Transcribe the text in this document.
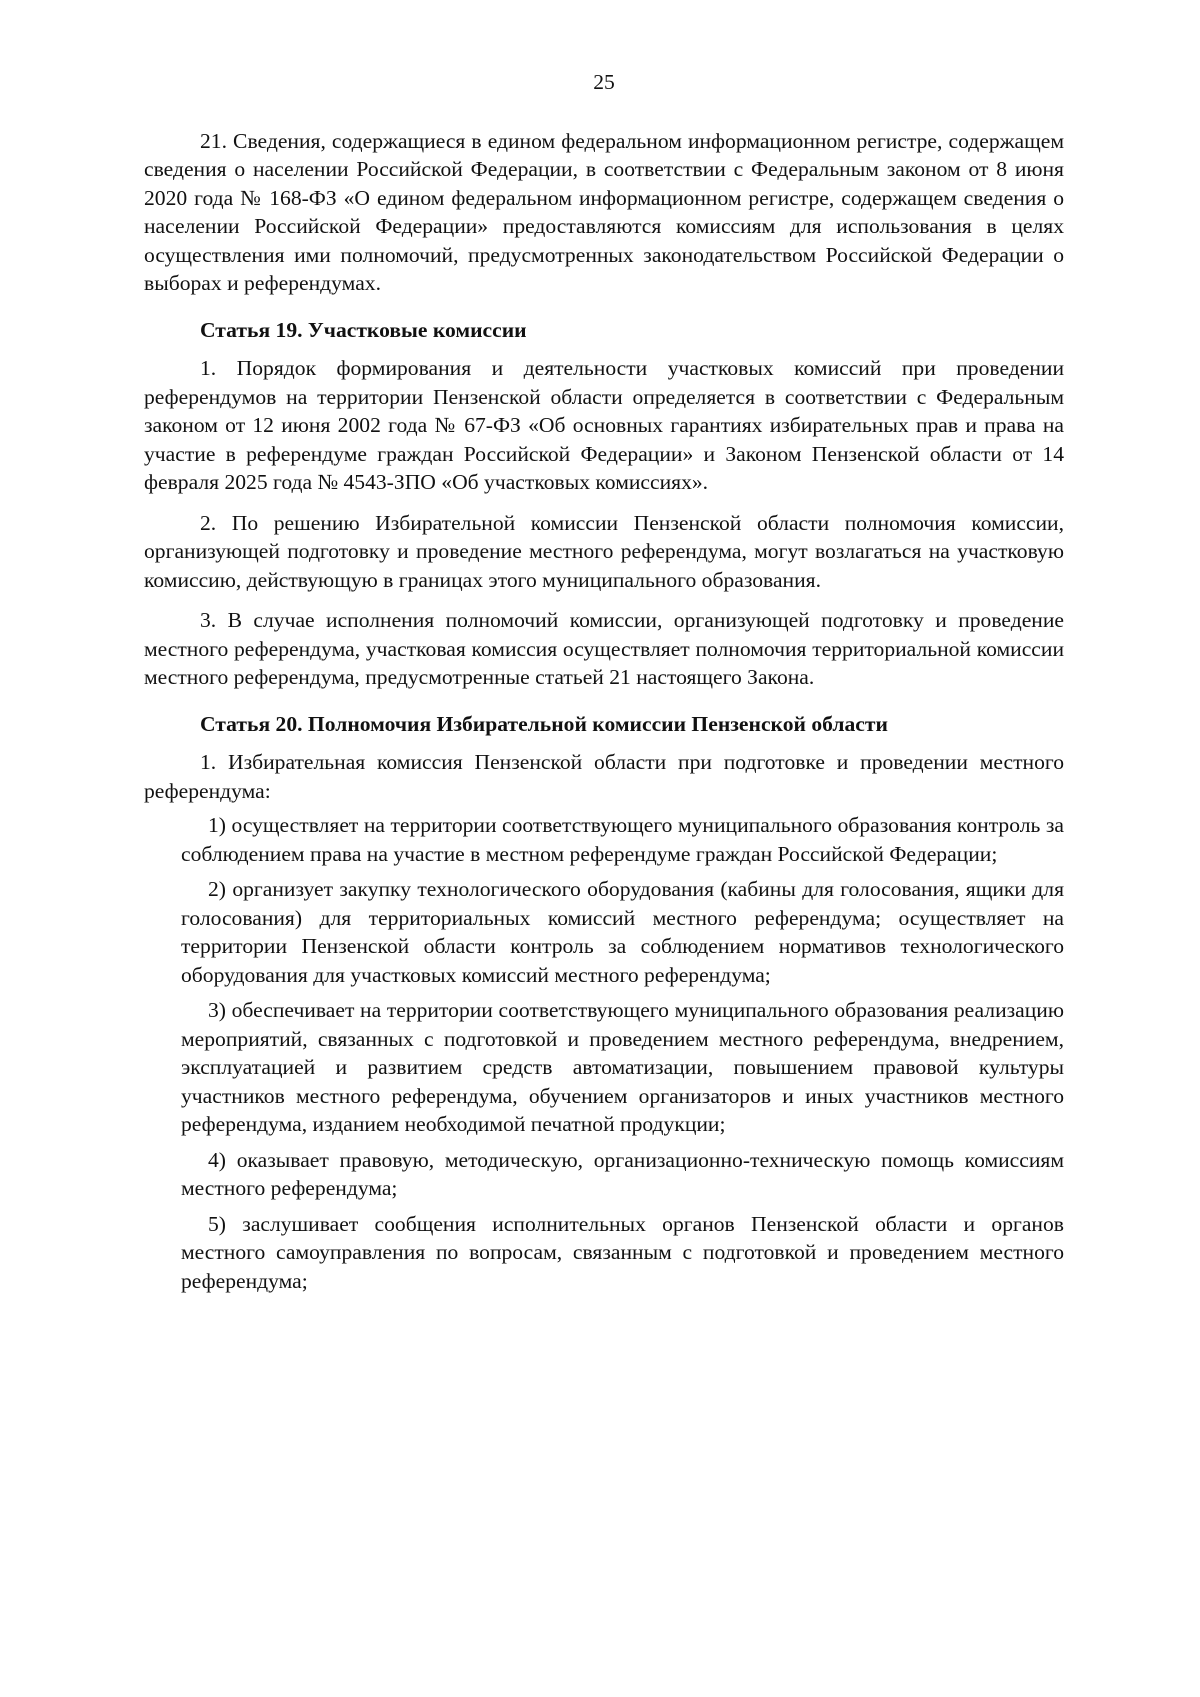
25

21. Сведения, содержащиеся в едином федеральном информационном регистре, содержащем сведения о населении Российской Федерации, в соответствии с Федеральным законом от 8 июня 2020 года № 168-ФЗ «О едином федеральном информационном регистре, содержащем сведения о населении Российской Федерации» предоставляются комиссиям для использования в целях осуществления ими полномочий, предусмотренных законодательством Российской Федерации о выборах и референдумах.

Статья 19. Участковые комиссии

1. Порядок формирования и деятельности участковых комиссий при проведении референдумов на территории Пензенской области определяется в соответствии с Федеральным законом от 12 июня 2002 года № 67-ФЗ «Об основных гарантиях избирательных прав и права на участие в референдуме граждан Российской Федерации» и Законом Пензенской области от 14 февраля 2025 года № 4543-ЗПО «Об участковых комиссиях».

2. По решению Избирательной комиссии Пензенской области полномочия комиссии, организующей подготовку и проведение местного референдума, могут возлагаться на участковую комиссию, действующую в границах этого муниципального образования.

3. В случае исполнения полномочий комиссии, организующей подготовку и проведение местного референдума, участковая комиссия осуществляет полномочия территориальной комиссии местного референдума, предусмотренные статьей 21 настоящего Закона.

Статья 20. Полномочия Избирательной комиссии Пензенской области

1. Избирательная комиссия Пензенской области при подготовке и проведении местного референдума:

1) осуществляет на территории соответствующего муниципального образования контроль за соблюдением права на участие в местном референдуме граждан Российской Федерации;

2) организует закупку технологического оборудования (кабины для голосования, ящики для голосования) для территориальных комиссий местного референдума; осуществляет на территории Пензенской области контроль за соблюдением нормативов технологического оборудования для участковых комиссий местного референдума;

3) обеспечивает на территории соответствующего муниципального образования реализацию мероприятий, связанных с подготовкой и проведением местного референдума, внедрением, эксплуатацией и развитием средств автоматизации, повышением правовой культуры участников местного референдума, обучением организаторов и иных участников местного референдума, изданием необходимой печатной продукции;

4) оказывает правовую, методическую, организационно-техническую помощь комиссиям местного референдума;

5) заслушивает сообщения исполнительных органов Пензенской области и органов местного самоуправления по вопросам, связанным с подготовкой и проведением местного референдума;
